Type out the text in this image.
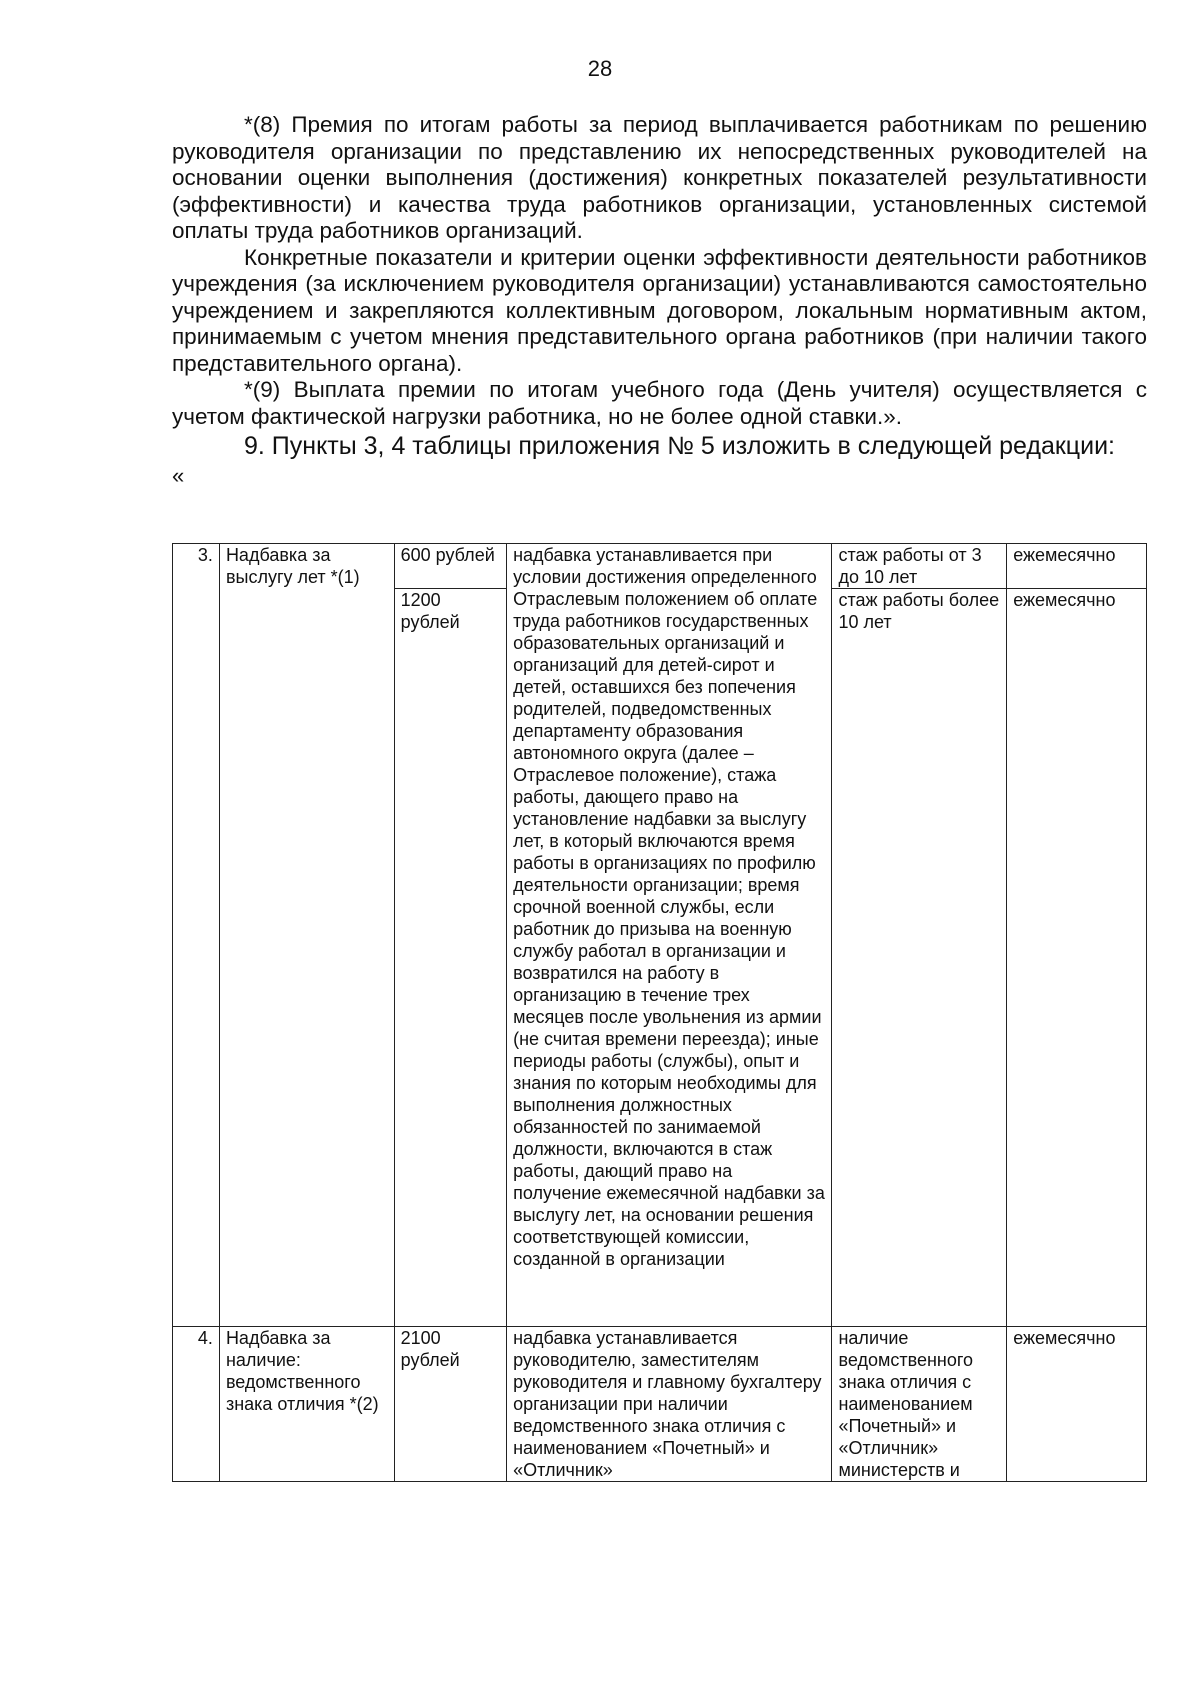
28

*(8) Премия по итогам работы за период выплачивается работникам по решению руководителя организации по представлению их непосредственных руководителей на основании оценки выполнения (достижения) конкретных показателей результативности (эффективности) и качества труда работников организации, установленных системой оплаты труда работников организаций.

Конкретные показатели и критерии оценки эффективности деятельности работников учреждения (за исключением руководителя организации) устанавливаются самостоятельно учреждением и закрепляются коллективным договором, локальным нормативным актом, принимаемым с учетом мнения представительного органа работников (при наличии такого представительного органа).

*(9) Выплата премии по итогам учебного года (День учителя) осуществляется с учетом фактической нагрузки работника, но не более одной ставки.».

9. Пункты 3, 4 таблицы приложения № 5 изложить в следующей редакции:

«

3.	Надбавка за выслугу лет *(1)	600 рублей	надбавка устанавливается при условии достижения определенного Отраслевым положением об оплате труда работников государственных образовательных организаций и организаций для детей-сирот и детей, оставшихся без попечения родителей, подведомственных департаменту образования автономного округа (далее – Отраслевое положение), стажа работы, дающего право на установление надбавки за выслугу лет, в который включаются время работы в организациях по профилю деятельности организации; время срочной военной службы, если работник до призыва на военную службу работал в организации и возвратился на работу в организацию в течение трех месяцев после увольнения из армии (не считая времени переезда); иные периоды работы (службы), опыт и знания по которым необходимы для выполнения должностных обязанностей по занимаемой должности, включаются в стаж работы, дающий право на получение ежемесячной надбавки за выслугу лет, на основании решения соответствующей комиссии, созданной в организации	стаж работы от 3 до 10 лет	ежемесячно
		1200 рублей		стаж работы более 10 лет	ежемесячно
4.	Надбавка за наличие: ведомственного знака отличия *(2)	2100 рублей	надбавка устанавливается руководителю, заместителям руководителя и главному бухгалтеру организации при наличии ведомственного знака отличия с наименованием «Почетный» и «Отличник»	наличие ведомственного знака отличия с наименованием «Почетный» и «Отличник» министерств и	ежемесячно
